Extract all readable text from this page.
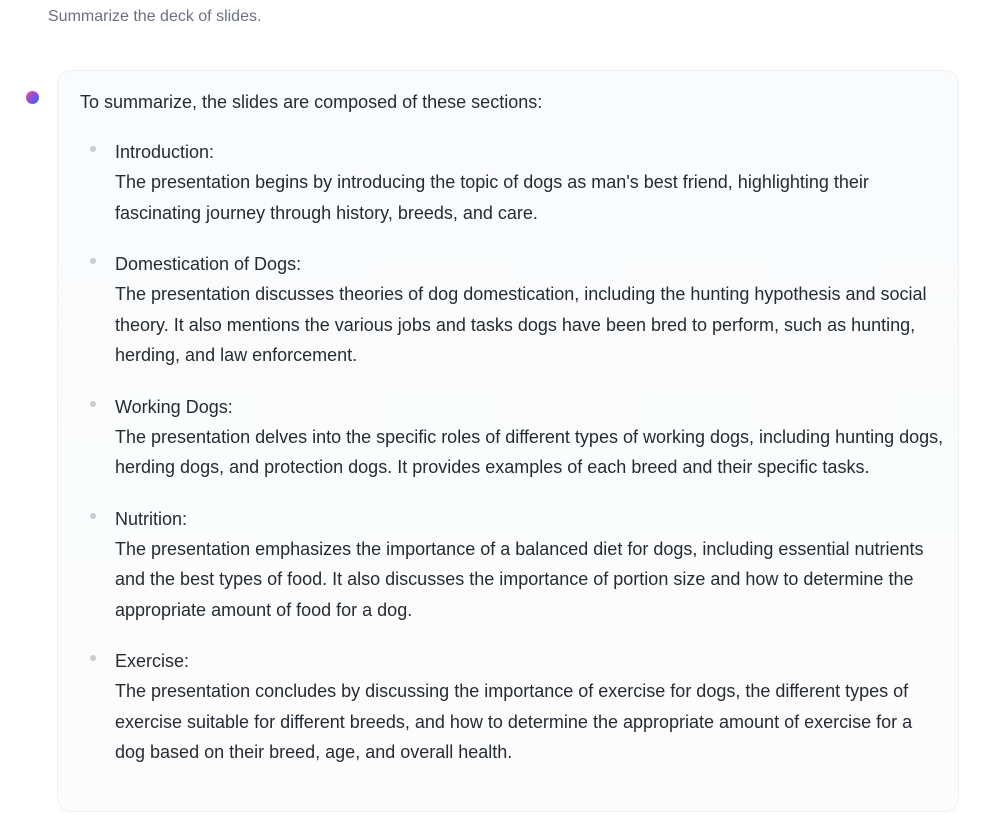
Summarize the deck of slides.

To summarize, the slides are composed of these sections:

Introduction:
The presentation begins by introducing the topic of dogs as man's best friend, highlighting their fascinating journey through history, breeds, and care.
Domestication of Dogs:
The presentation discusses theories of dog domestication, including the hunting hypothesis and social theory. It also mentions the various jobs and tasks dogs have been bred to perform, such as hunting, herding, and law enforcement.
Working Dogs:
The presentation delves into the specific roles of different types of working dogs, including hunting dogs, herding dogs, and protection dogs. It provides examples of each breed and their specific tasks.
Nutrition:
The presentation emphasizes the importance of a balanced diet for dogs, including essential nutrients and the best types of food. It also discusses the importance of portion size and how to determine the appropriate amount of food for a dog.
Exercise:
The presentation concludes by discussing the importance of exercise for dogs, the different types of exercise suitable for different breeds, and how to determine the appropriate amount of exercise for a dog based on their breed, age, and overall health.
